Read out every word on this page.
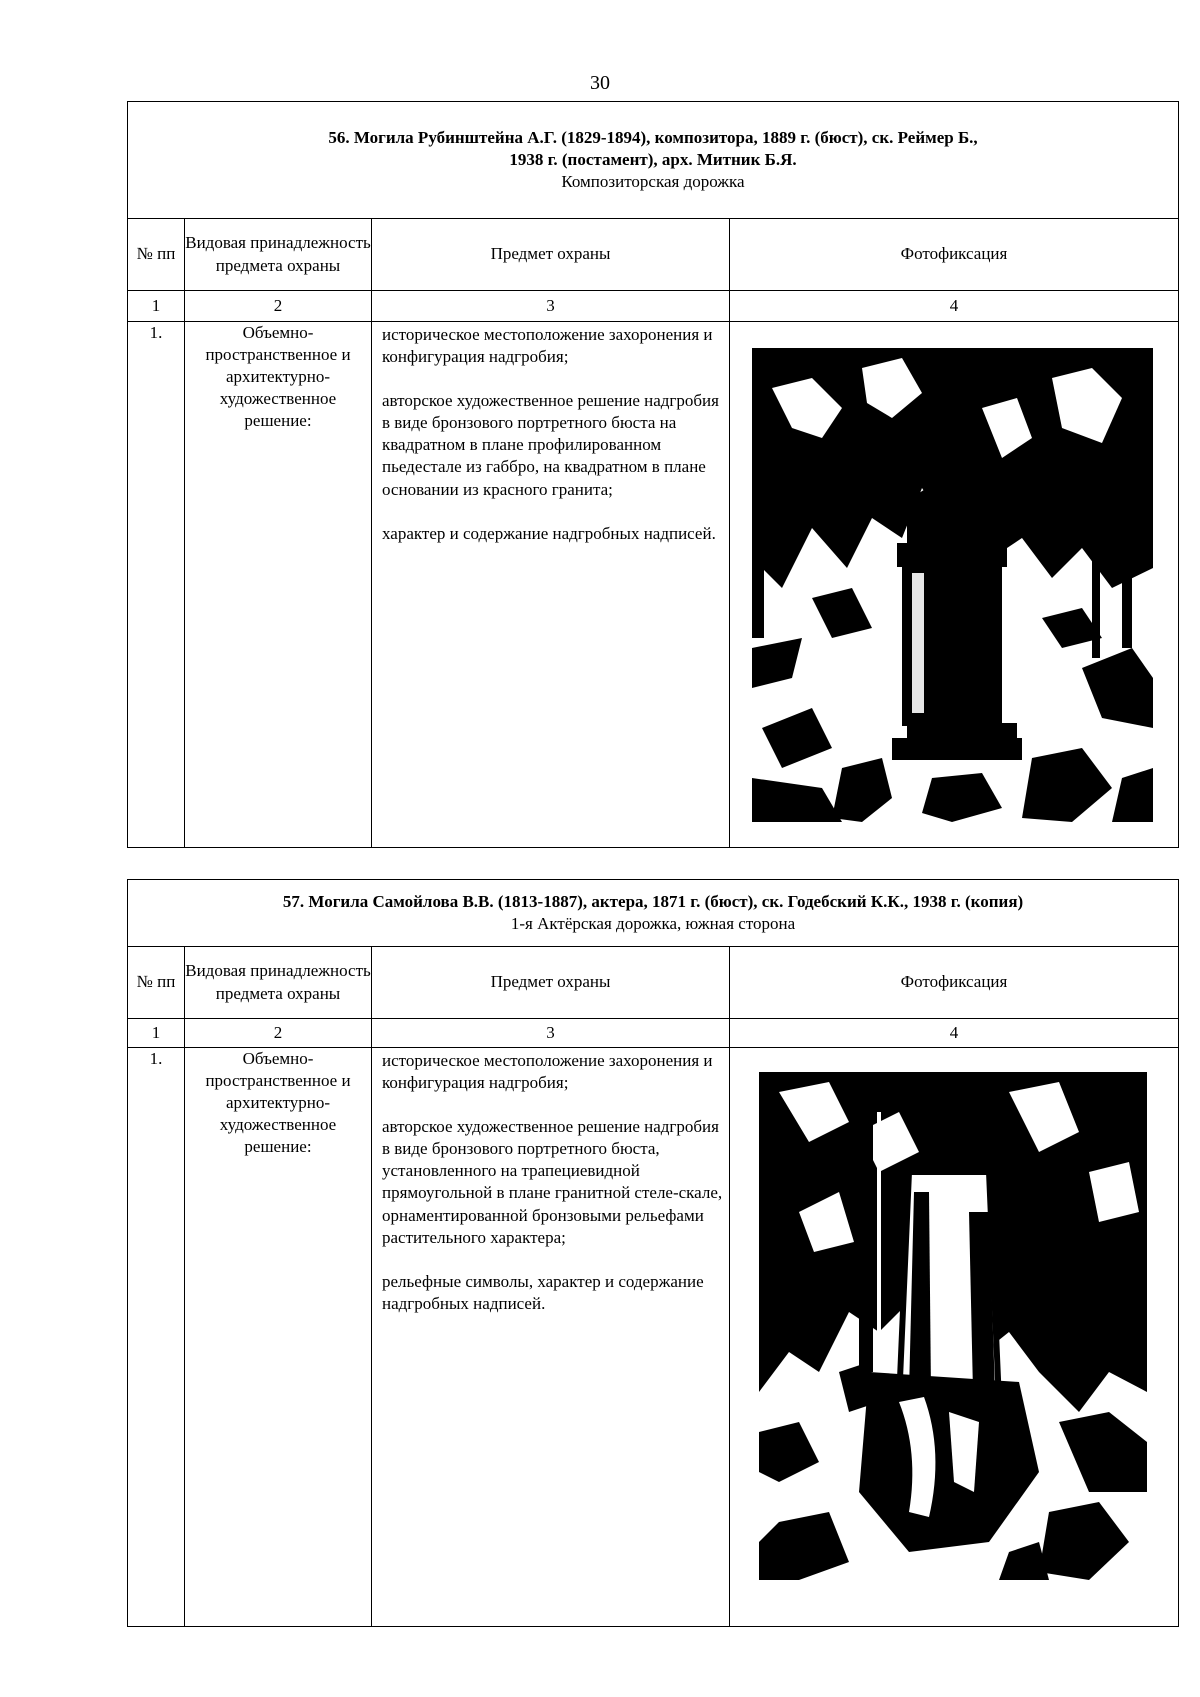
30
56. Могила Рубинштейна А.Г. (1829-1894), композитора, 1889 г. (бюст), ск. Реймер Б.,
1938 г. (постамент), арх. Митник Б.Я.
Композиторская дорожка			

№ пп	Видовая принадлежность предмета охраны	Предмет охраны	Фотофиксация
1	2	3	4
1.	Объемно-пространственное и архитектурно-художественное решение:	историческое местоположение захоронения и конфигурация надгробия;

авторское художественное решение надгробия в виде бронзового портретного бюста на квадратном в плане профилированном пьедестале из габбро, на квадратном в плане основании из красного гранита;

характер и содержание надгробных надписей.

57. Могила Самойлова В.В. (1813-1887), актера, 1871 г. (бюст), ск. Годебский К.К., 1938 г. (копия)
1-я Актёрская дорожка, южная сторона			

№ пп	Видовая принадлежность предмета охраны	Предмет охраны	Фотофиксация
1	2	3	4
1.	Объемно-пространственное и архитектурно-художественное решение:	историческое местоположение захоронения и конфигурация надгробия;

авторское художественное решение надгробия в виде бронзового портретного бюста, установленного на трапециевидной прямоугольной в плане гранитной стеле-скале, орнаментированной бронзовыми рельефами растительного характера;

рельефные символы, характер и содержание надгробных надписей.
